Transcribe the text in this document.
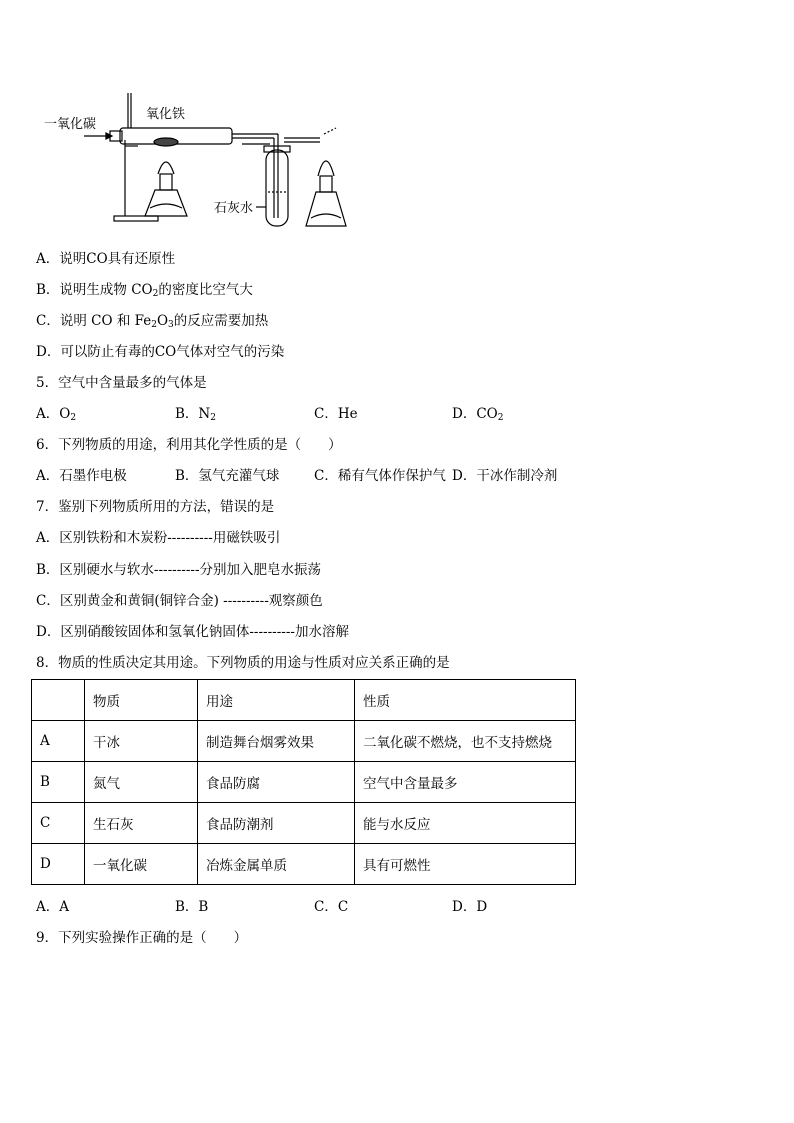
一氧化碳
氧化铁
石灰水
A．说明CO具有还原性
B．说明生成物 $CO_2$的密度比空气大
C．说明 CO 和 $Fe_2O_3$的反应需要加热
D．可以防止有毒的CO气体对空气的污染
5．空气中含量最多的气体是
A．$O_2$	B．$N_2$	C．He	D．$CO_2$
6．下列物质的用途，利用其化学性质的是（　　）
A．石墨作电极	B．氢气充灌气球	C．稀有气体作保护气 D．干冰作制冷剂
7．鉴别下列物质所用的方法，错误的是
A．区别铁粉和木炭粉----------用磁铁吸引
B．区别硬水与软水----------分别加入肥皂水振荡
C．区别黄金和黄铜(铜锌合金) ----------观察颜色
D．区别硝酸铵固体和氢氧化钠固体----------加水溶解
8．物质的性质决定其用途。下列物质的用途与性质对应关系正确的是
	物质	用途	性质
A	干冰	制造舞台烟雾效果	二氧化碳不燃烧，也不支持燃烧
B	氮气	食品防腐	空气中含量最多
C	生石灰	食品防潮剂	能与水反应
D	一氧化碳	冶炼金属单质	具有可燃性
A．A	B．B	C．C	D．D
9．下列实验操作正确的是（　　）
